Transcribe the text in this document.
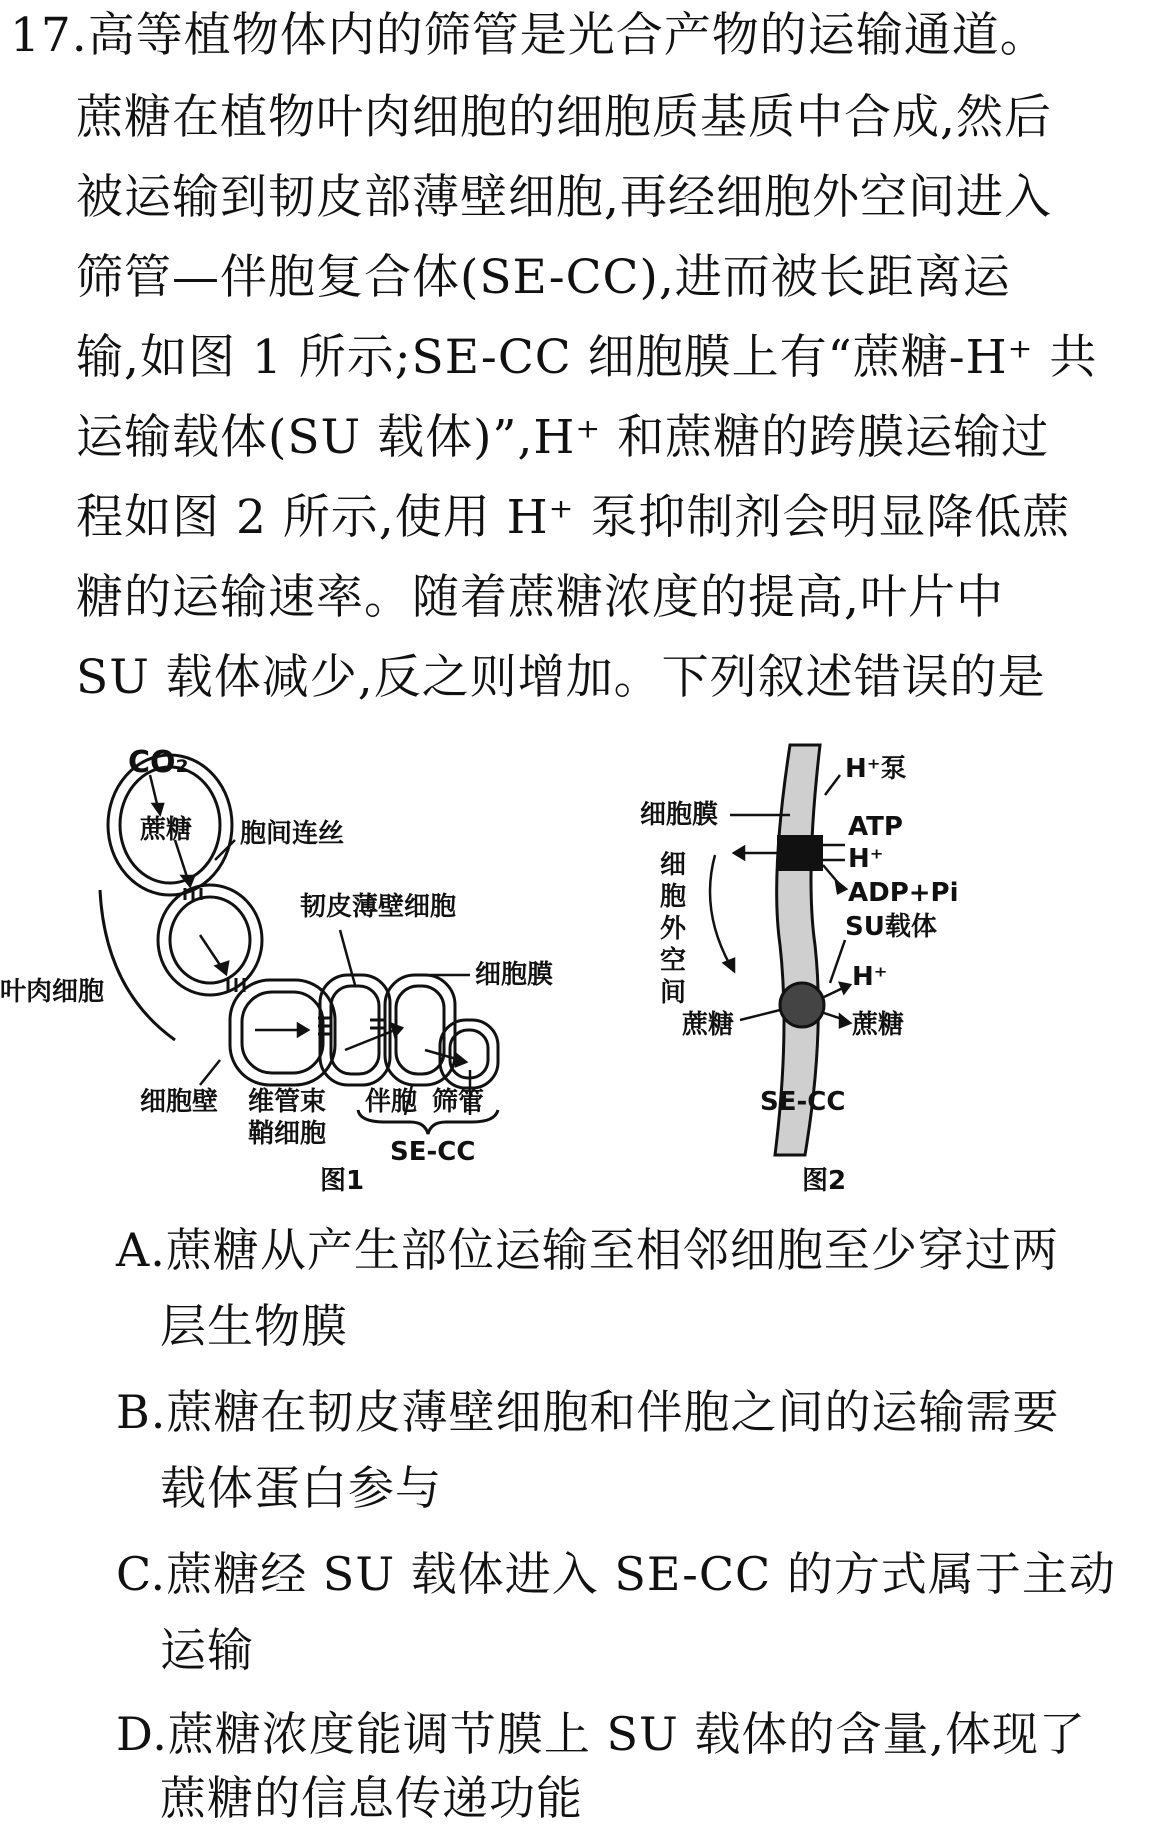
17.高等植物体内的筛管是光合产物的运输通道。
蔗糖在植物叶肉细胞的细胞质基质中合成,然后
被运输到韧皮部薄壁细胞,再经细胞外空间进入
筛管—伴胞复合体(SE-CC),进而被长距离运
输,如图 1 所示;SE-CC 细胞膜上有“蔗糖-H⁺ 共
运输载体(SU 载体)”,H⁺ 和蔗糖的跨膜运输过
程如图 2 所示,使用 H⁺ 泵抑制剂会明显降低蔗
糖的运输速率。随着蔗糖浓度的提高,叶片中
SU 载体减少,反之则增加。下列叙述错误的是
CO₂
蔗糖 胞间连丝
韧皮薄壁细胞
细胞膜
叶肉细胞
细胞壁 维管束
鞘细胞
伴胞 筛管
SE-CC
图1
H⁺泵
细胞膜	ATP
H⁺
ADP+Pi
细
胞
外
空
间
SU载体
H⁺
蔗糖	蔗糖
SE-CC
图2
A.蔗糖从产生部位运输至相邻细胞至少穿过两
层生物膜
B.蔗糖在韧皮薄壁细胞和伴胞之间的运输需要
载体蛋白参与
C.蔗糖经 SU 载体进入 SE-CC 的方式属于主动
运输
D.蔗糖浓度能调节膜上 SU 载体的含量,体现了
蔗糖的信息传递功能
